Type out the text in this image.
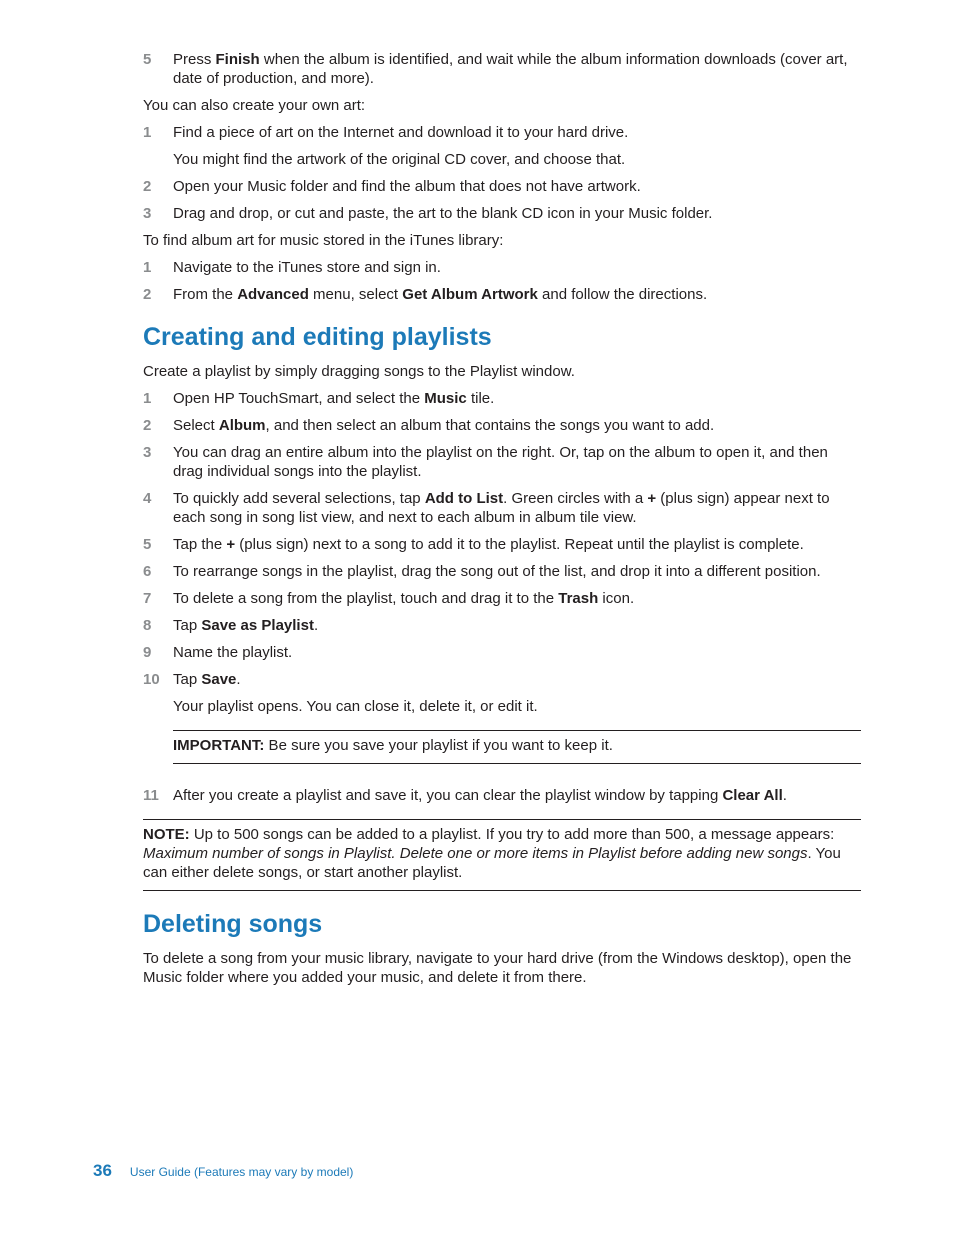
5	Press Finish when the album is identified, and wait while the album information downloads (cover art, date of production, and more).

You can also create your own art:

1	Find a piece of art on the Internet and download it to your hard drive.

You might find the artwork of the original CD cover, and choose that.

2	Open your Music folder and find the album that does not have artwork.
3	Drag and drop, or cut and paste, the art to the blank CD icon in your Music folder.

To find album art for music stored in the iTunes library:

1	Navigate to the iTunes store and sign in.
2	From the Advanced menu, select Get Album Artwork and follow the directions.
Creating and editing playlists

Create a playlist by simply dragging songs to the Playlist window.

1	Open HP TouchSmart, and select the Music tile.
2	Select Album, and then select an album that contains the songs you want to add.
3	You can drag an entire album into the playlist on the right. Or, tap on the album to open it, and then drag individual songs into the playlist.
4	To quickly add several selections, tap Add to List. Green circles with a + (plus sign) appear next to each song in song list view, and next to each album in album tile view.
5	Tap the + (plus sign) next to a song to add it to the playlist. Repeat until the playlist is complete.
6	To rearrange songs in the playlist, drag the song out of the list, and drop it into a different position.
7	To delete a song from the playlist, touch and drag it to the Trash icon.
8	Tap Save as Playlist.
9	Name the playlist.
10 Tap Save.

Your playlist opens. You can close it, delete it, or edit it.

IMPORTANT: Be sure you save your playlist if you want to keep it.
11 After you create a playlist and save it, you can clear the playlist window by tapping Clear All.
NOTE: Up to 500 songs can be added to a playlist. If you try to add more than 500, a message appears: Maximum number of songs in Playlist. Delete one or more items in Playlist before adding new songs. You can either delete songs, or start another playlist.
Deleting songs

To delete a song from your music library, navigate to your hard drive (from the Windows desktop), open the Music folder where you added your music, and delete it from there.

36 User Guide (Features may vary by model)
